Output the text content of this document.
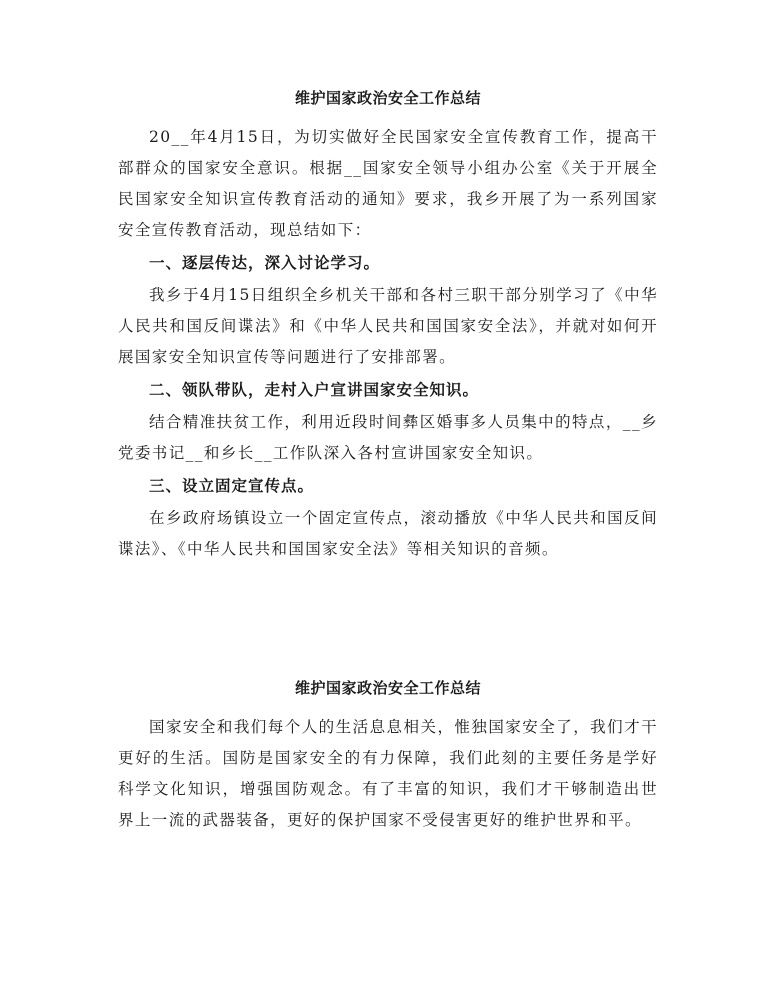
维护国家政治安全工作总结

20__年4月15日，为切实做好全民国家安全宣传教育工作，提高干部群众的国家安全意识。根据__国家安全领导小组办公室《关于开展全民国家安全知识宣传教育活动的通知》要求，我乡开展了为一系列国家安全宣传教育活动，现总结如下：

一、逐层传达，深入讨论学习。

我乡于4月15日组织全乡机关干部和各村三职干部分别学习了《中华人民共和国反间谍法》和《中华人民共和国国家安全法》，并就对如何开展国家安全知识宣传等问题进行了安排部署。

二、领队带队，走村入户宣讲国家安全知识。

结合精准扶贫工作，利用近段时间彝区婚事多人员集中的特点，__乡党委书记__和乡长__工作队深入各村宣讲国家安全知识。

三、设立固定宣传点。

在乡政府场镇设立一个固定宣传点，滚动播放《中华人民共和国反间谍法》、《中华人民共和国国家安全法》等相关知识的音频。

维护国家政治安全工作总结

国家安全和我们每个人的生活息息相关，惟独国家安全了，我们才干更好的生活。国防是国家安全的有力保障，我们此刻的主要任务是学好科学文化知识，增强国防观念。有了丰富的知识，我们才干够制造出世界上一流的武器装备，更好的保护国家不受侵害更好的维护世界和平。
